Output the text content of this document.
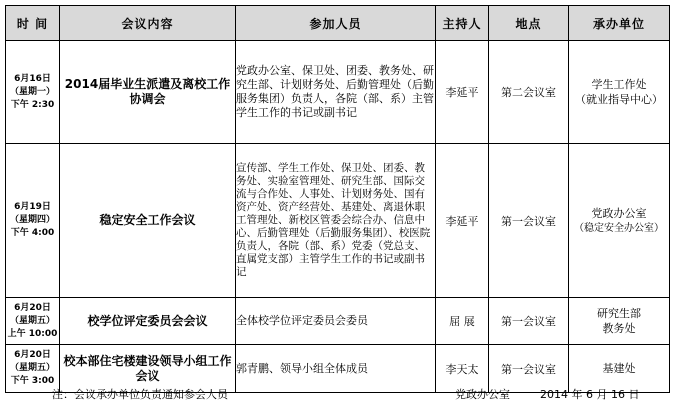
时 间	会议内容	参加人员	主持人	地点	承办单位

6月16日
（星期一）
下午 2:30	2014届毕业生派遣及离校工作协调会	党政办公室、保卫处、团委、教务处、研究生部、计划财务处、后勤管理处（后勤服务集团）负责人，各院（部、系）主管学生工作的书记或副书记	李延平	第二会议室	学生工作处
（就业指导中心）

6月19日
（星期四）
下午 4:00	稳定安全工作会议	宣传部、学生工作处、保卫处、团委、教务处、实验室管理处、研究生部、国际交流与合作处、人事处、计划财务处、国有资产处、资产经营处、基建处、离退休职工管理处、新校区管委会综合办、信息中心、后勤管理处（后勤服务集团）、校医院负责人，各院（部、系）党委（党总支、直属党支部）主管学生工作的书记或副书记	李延平	第一会议室	党政办公室
（稳定安全办公室）

6月20日
（星期五）
上午 10:00	校学位评定委员会会议	全体校学位评定委员会委员	屈 展	第一会议室	研究生部
教务处

6月20日
（星期五）
下午 3:00	校本部住宅楼建设领导小组工作会议	郭青鹏、领导小组全体成员	李天太	第一会议室	基建处
注：会议承办单位负责通知参会人员	党政办公室	2014 年 6 月 16 日
